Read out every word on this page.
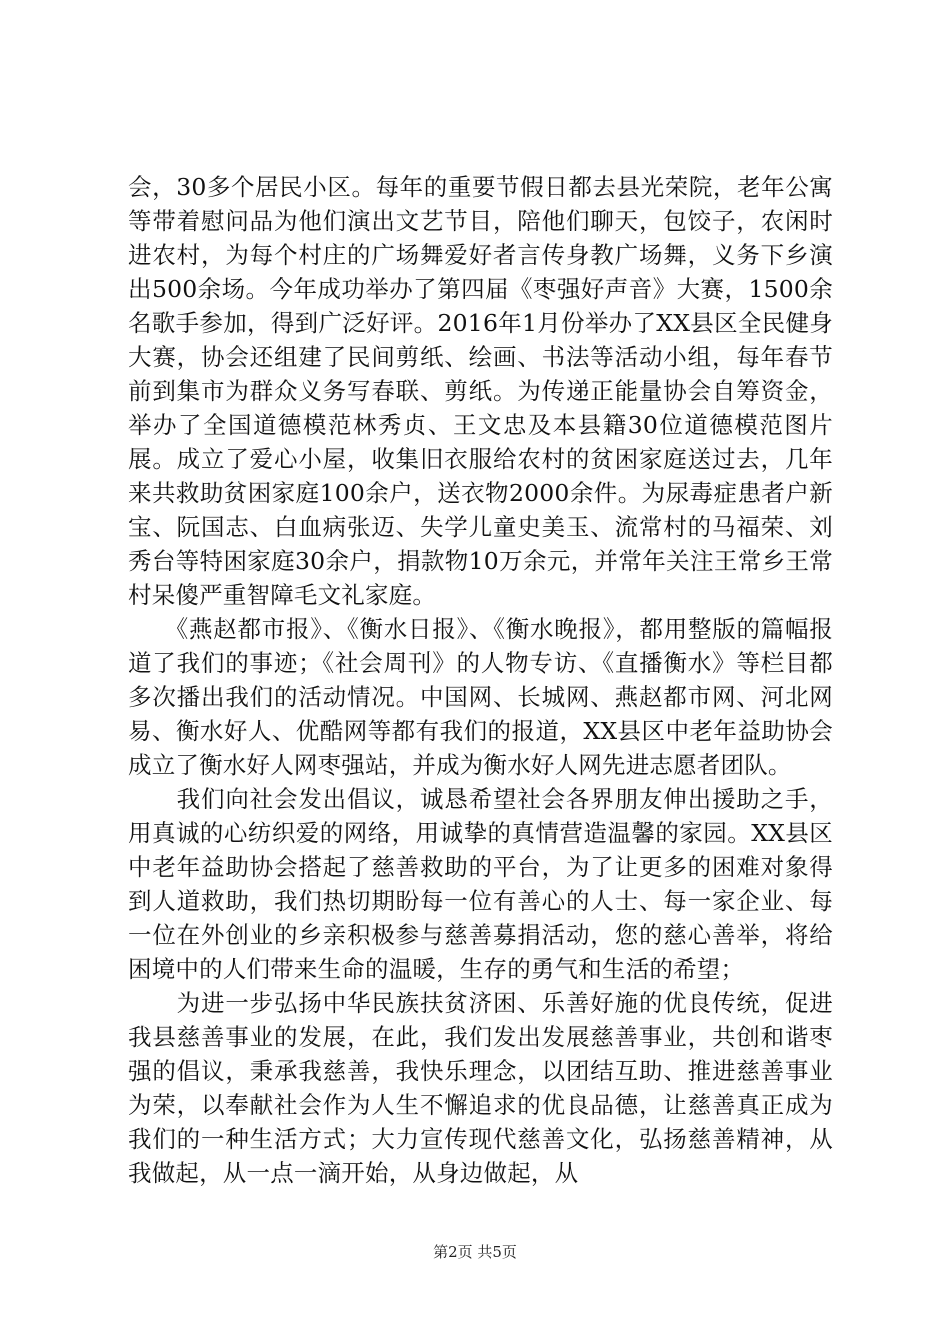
会，30多个居民小区。每年的重要节假日都去县光荣院，老年公寓等带着慰问品为他们演出文艺节目，陪他们聊天，包饺子，农闲时进农村，为每个村庄的广场舞爱好者言传身教广场舞，义务下乡演出500余场。今年成功举办了第四届《枣强好声音》大赛，1500余名歌手参加，得到广泛好评。2016年1月份举办了XX县区全民健身大赛，协会还组建了民间剪纸、绘画、书法等活动小组，每年春节前到集市为群众义务写春联、剪纸。为传递正能量协会自筹资金，举办了全国道德模范林秀贞、王文忠及本县籍30位道德模范图片展。成立了爱心小屋，收集旧衣服给农村的贫困家庭送过去，几年来共救助贫困家庭100余户，送衣物2000余件。为尿毒症患者户新宝、阮国志、白血病张迈、失学儿童史美玉、流常村的马福荣、刘秀台等特困家庭30余户，捐款物10万余元，并常年关注王常乡王常村呆傻严重智障毛文礼家庭。

　　《燕赵都市报》、《衡水日报》、《衡水晚报》，都用整版的篇幅报道了我们的事迹；《社会周刊》的人物专访、《直播衡水》等栏目都多次播出我们的活动情况。中国网、长城网、燕赵都市网、河北网易、衡水好人、优酷网等都有我们的报道，XX县区中老年益助协会成立了衡水好人网枣强站，并成为衡水好人网先进志愿者团队。

　　我们向社会发出倡议，诚恳希望社会各界朋友伸出援助之手，用真诚的心纺织爱的网络，用诚挚的真情营造温馨的家园。XX县区中老年益助协会搭起了慈善救助的平台，为了让更多的困难对象得到人道救助，我们热切期盼每一位有善心的人士、每一家企业、每一位在外创业的乡亲积极参与慈善募捐活动，您的慈心善举，将给困境中的人们带来生命的温暖，生存的勇气和生活的希望；

　　为进一步弘扬中华民族扶贫济困、乐善好施的优良传统，促进我县慈善事业的发展，在此，我们发出发展慈善事业，共创和谐枣强的倡议，秉承我慈善，我快乐理念，以团结互助、推进慈善事业为荣，以奉献社会作为人生不懈追求的优良品德，让慈善真正成为我们的一种生活方式；大力宣传现代慈善文化，弘扬慈善精神，从我做起，从一点一滴开始，从身边做起，从

第2页 共5页
